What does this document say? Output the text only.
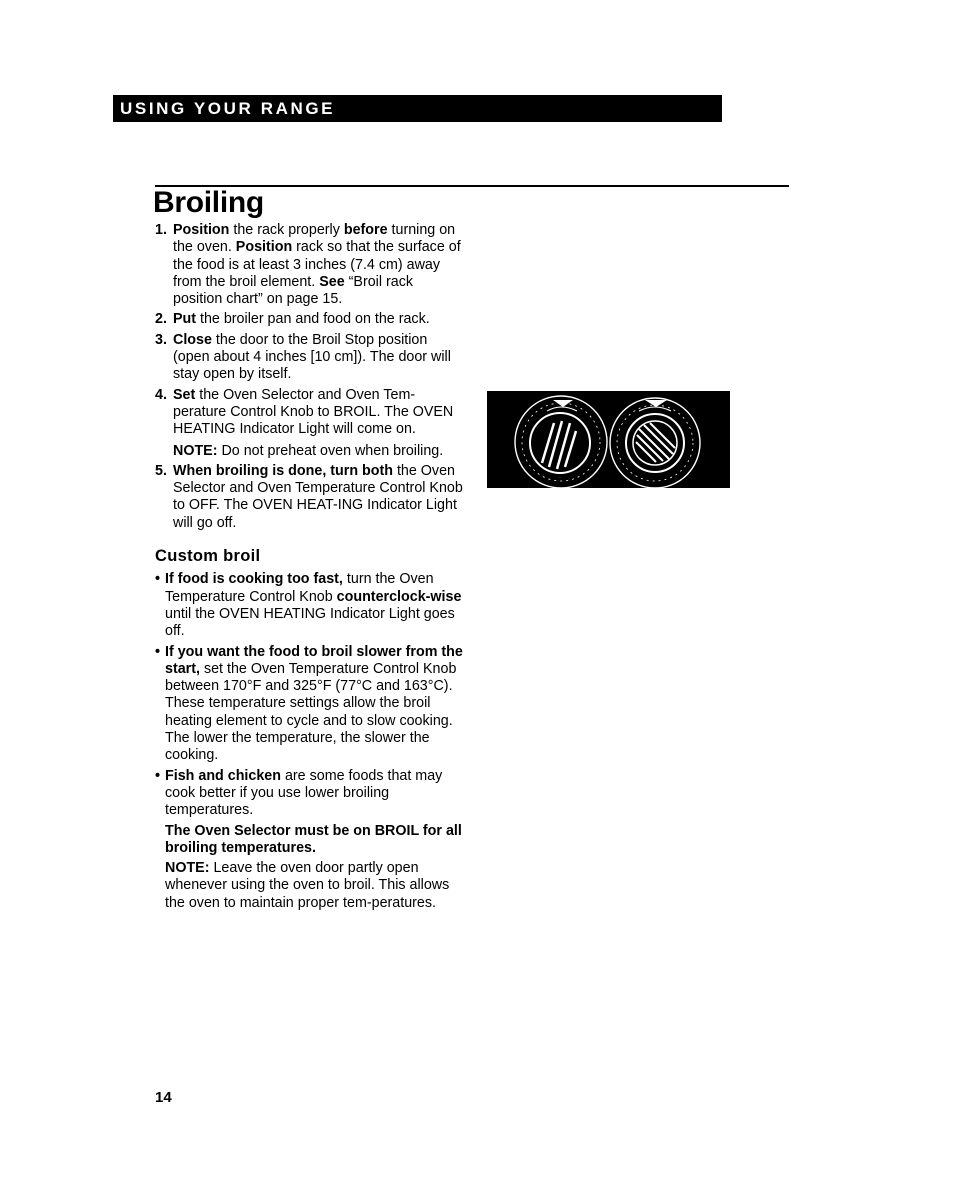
USING YOUR RANGE
Broiling
1. Position the rack properly before turning on the oven. Position rack so that the surface of the food is at least 3 inches (7.4 cm) away from the broil element. See “Broil rack position chart” on page 15.
2. Put the broiler pan and food on the rack.
3. Close the door to the Broil Stop position (open about 4 inches [10 cm]). The door will stay open by itself.
4. Set the Oven Selector and Oven Tem-perature Control Knob to BROIL. The OVEN HEATING Indicator Light will come on.
NOTE: Do not preheat oven when broiling.
5. When broiling is done, turn both the Oven Selector and Oven Temperature Control Knob to OFF. The OVEN HEAT-ING Indicator Light will go off.
Custom broil
• If food is cooking too fast, turn the Oven Temperature Control Knob counterclock-wise until the OVEN HEATING Indicator Light goes off.
• If you want the food to broil slower from the start, set the Oven Temperature Control Knob between 170°F and 325°F (77°C and 163°C). These temperature settings allow the broil heating element to cycle and to slow cooking. The lower the temperature, the slower the cooking.
• Fish and chicken are some foods that may cook better if you use lower broiling temperatures.
The Oven Selector must be on BROIL for all broiling temperatures.
NOTE: Leave the oven door partly open whenever using the oven to broil. This allows the oven to maintain proper tem-peratures.
14
